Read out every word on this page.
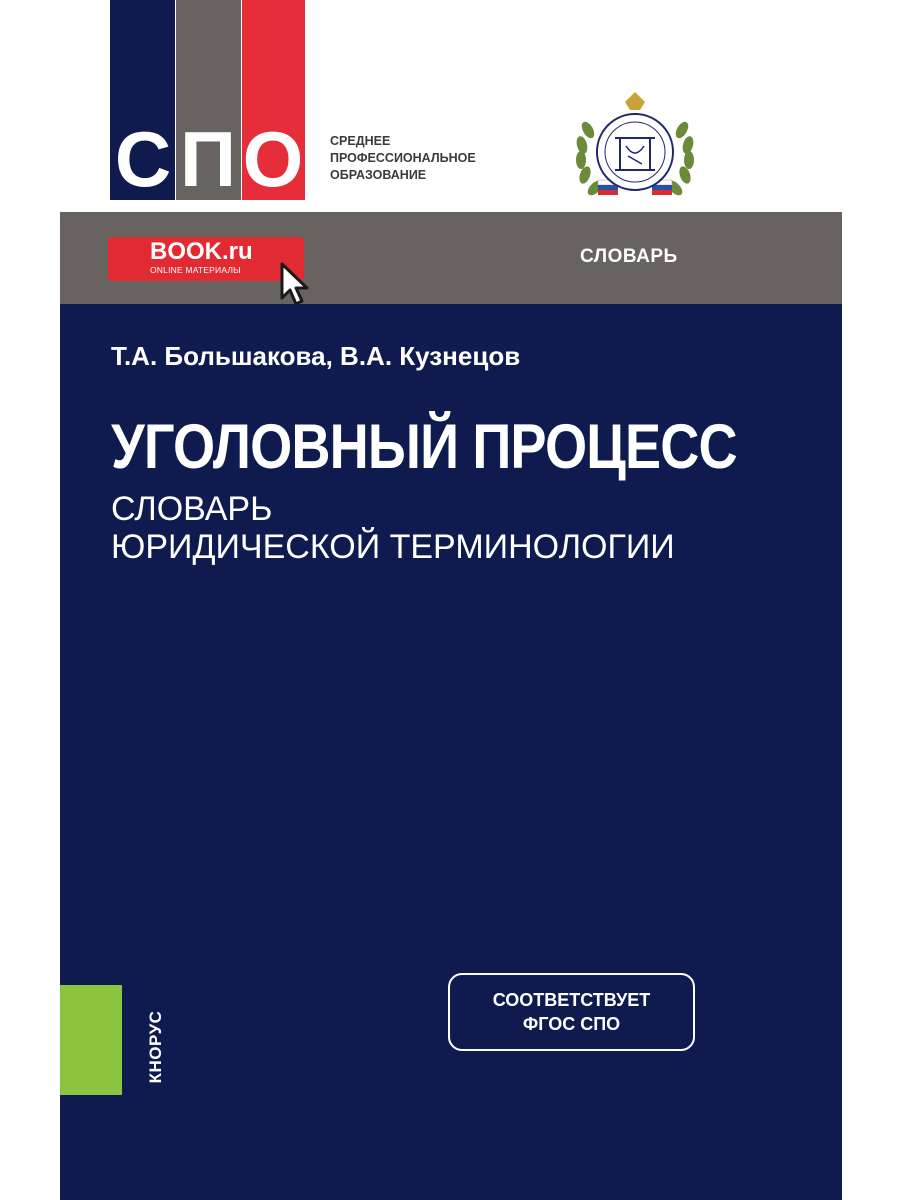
С П О СРЕДНЕЕ
ПРОФЕССИОНАЛЬНОЕ
ОБРАЗОВАНИЕ
BOOK.ru
ONLINE МАТЕРИАЛЫ
СЛОВАРЬ
Т.А. Большакова, В.А. Кузнецов
УГОЛОВНЫЙ ПРОЦЕСС
СЛОВАРЬ
ЮРИДИЧЕСКОЙ ТЕРМИНОЛОГИИ
КНОРУС
СООТВЕТСТВУЕТ
ФГОС СПО
